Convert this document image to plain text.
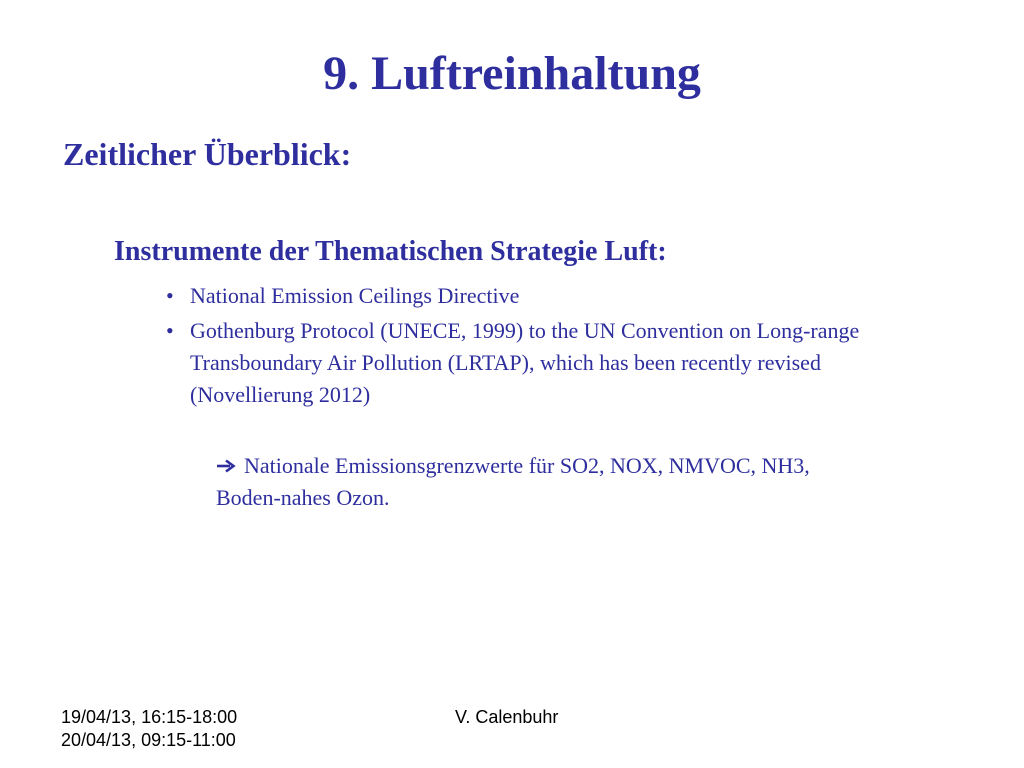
9. Luftreinhaltung
Zeitlicher Überblick:
Instrumente der Thematischen Strategie Luft:
• National Emission Ceilings Directive
• Gothenburg Protocol (UNECE, 1999) to the UN Convention on Long-range Transboundary Air Pollution (LRTAP), which has been recently revised (Novellierung 2012)
Nationale Emissionsgrenzwerte für SO2, NOX, NMVOC, NH3,
Boden-nahes Ozon.
19/04/13, 16:15-18:00
20/04/13, 09:15-11:00
V. Calenbuhr
